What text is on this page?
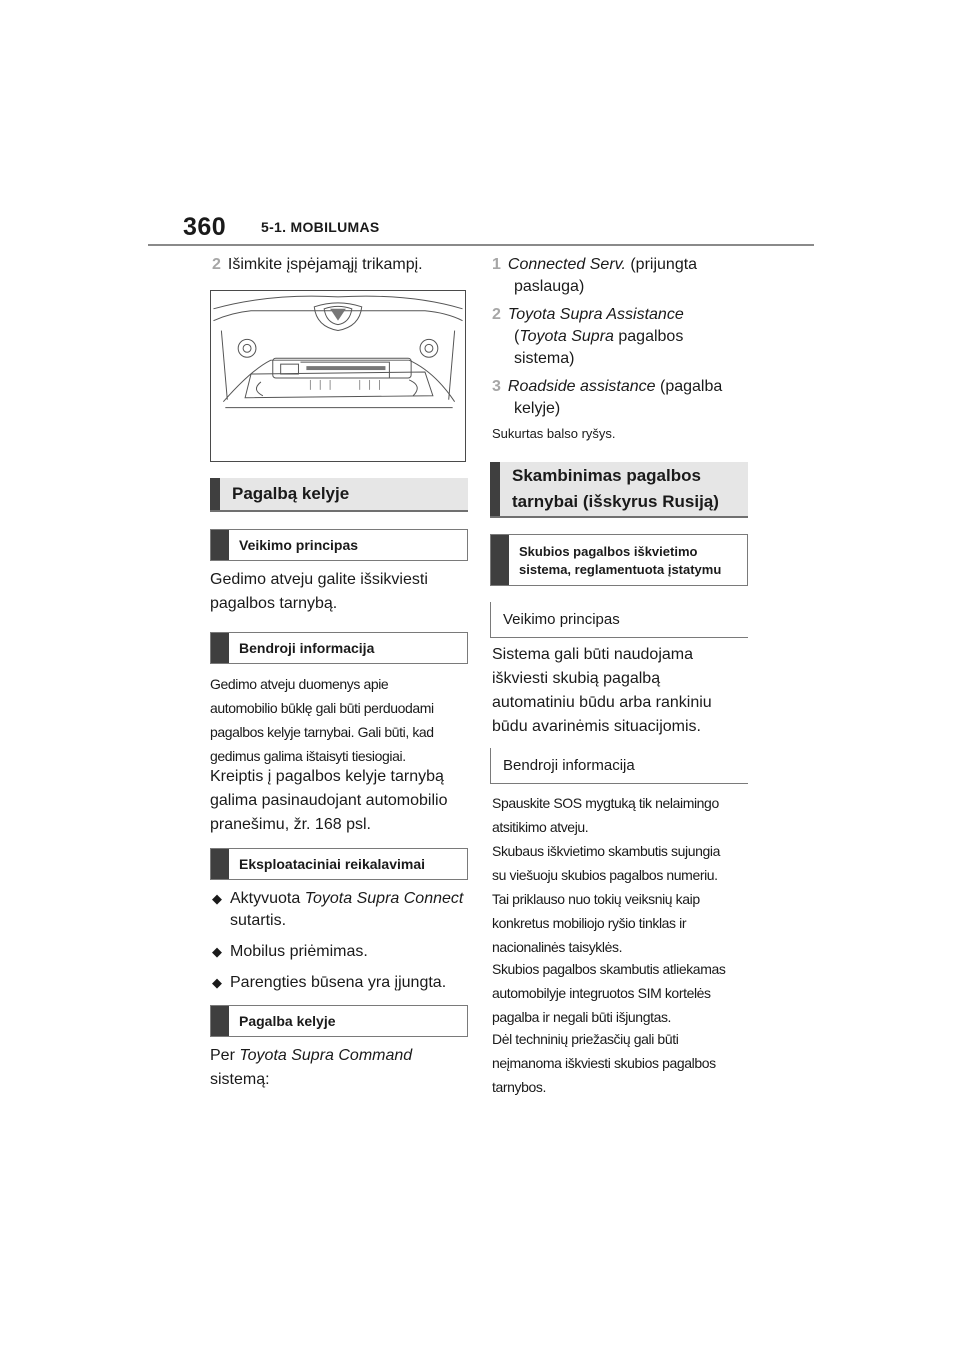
360 5-1. MOBILUMAS
2 Išimkite įspėjamąjį trikampį.
Pagalbą kelyje
Veikimo principas
Gedimo atveju galite išsikviesti
pagalbos tarnybą.
Bendroji informacija
Gedimo atveju duomenys apie
automobilio būklę gali būti perduodami
pagalbos kelyje tarnybai. Gali būti, kad
gedimus galima ištaisyti tiesiogiai.
Kreiptis į pagalbos kelyje tarnybą
galima pasinaudojant automobilio
pranešimu, žr. 168 psl.
Eksploataciniai reikalavimai
◆ Aktyvuota Toyota Supra Connect
sutartis.
◆ Mobilus priėmimas.
◆ Parengties būsena yra įjungta.
Pagalba kelyje
Per Toyota Supra Command
sistemą:
1 Connected Serv. (prijungta
paslauga)
2 Toyota Supra Assistance
(Toyota Supra pagalbos
sistema)
3 Roadside assistance (pagalba
kelyje)
Sukurtas balso ryšys.
Skambinimas pagalbos
tarnybai (išskyrus Rusiją)
Skubios pagalbos iškvietimo
sistema, reglamentuota įstatymu
Veikimo principas
Sistema gali būti naudojama
iškviesti skubią pagalbą
automatiniu būdu arba rankiniu
būdu avarinėmis situacijomis.
Bendroji informacija
Spauskite SOS mygtuką tik nelaimingo
atsitikimo atveju.
Skubaus iškvietimo skambutis sujungia
su viešuoju skubios pagalbos numeriu.
Tai priklauso nuo tokių veiksnių kaip
konkretus mobiliojo ryšio tinklas ir
nacionalinės taisyklės.
Skubios pagalbos skambutis atliekamas
automobilyje integruotos SIM kortelės
pagalba ir negali būti išjungtas.
Dėl techninių priežasčių gali būti
neįmanoma iškviesti skubios pagalbos
tarnybos.
